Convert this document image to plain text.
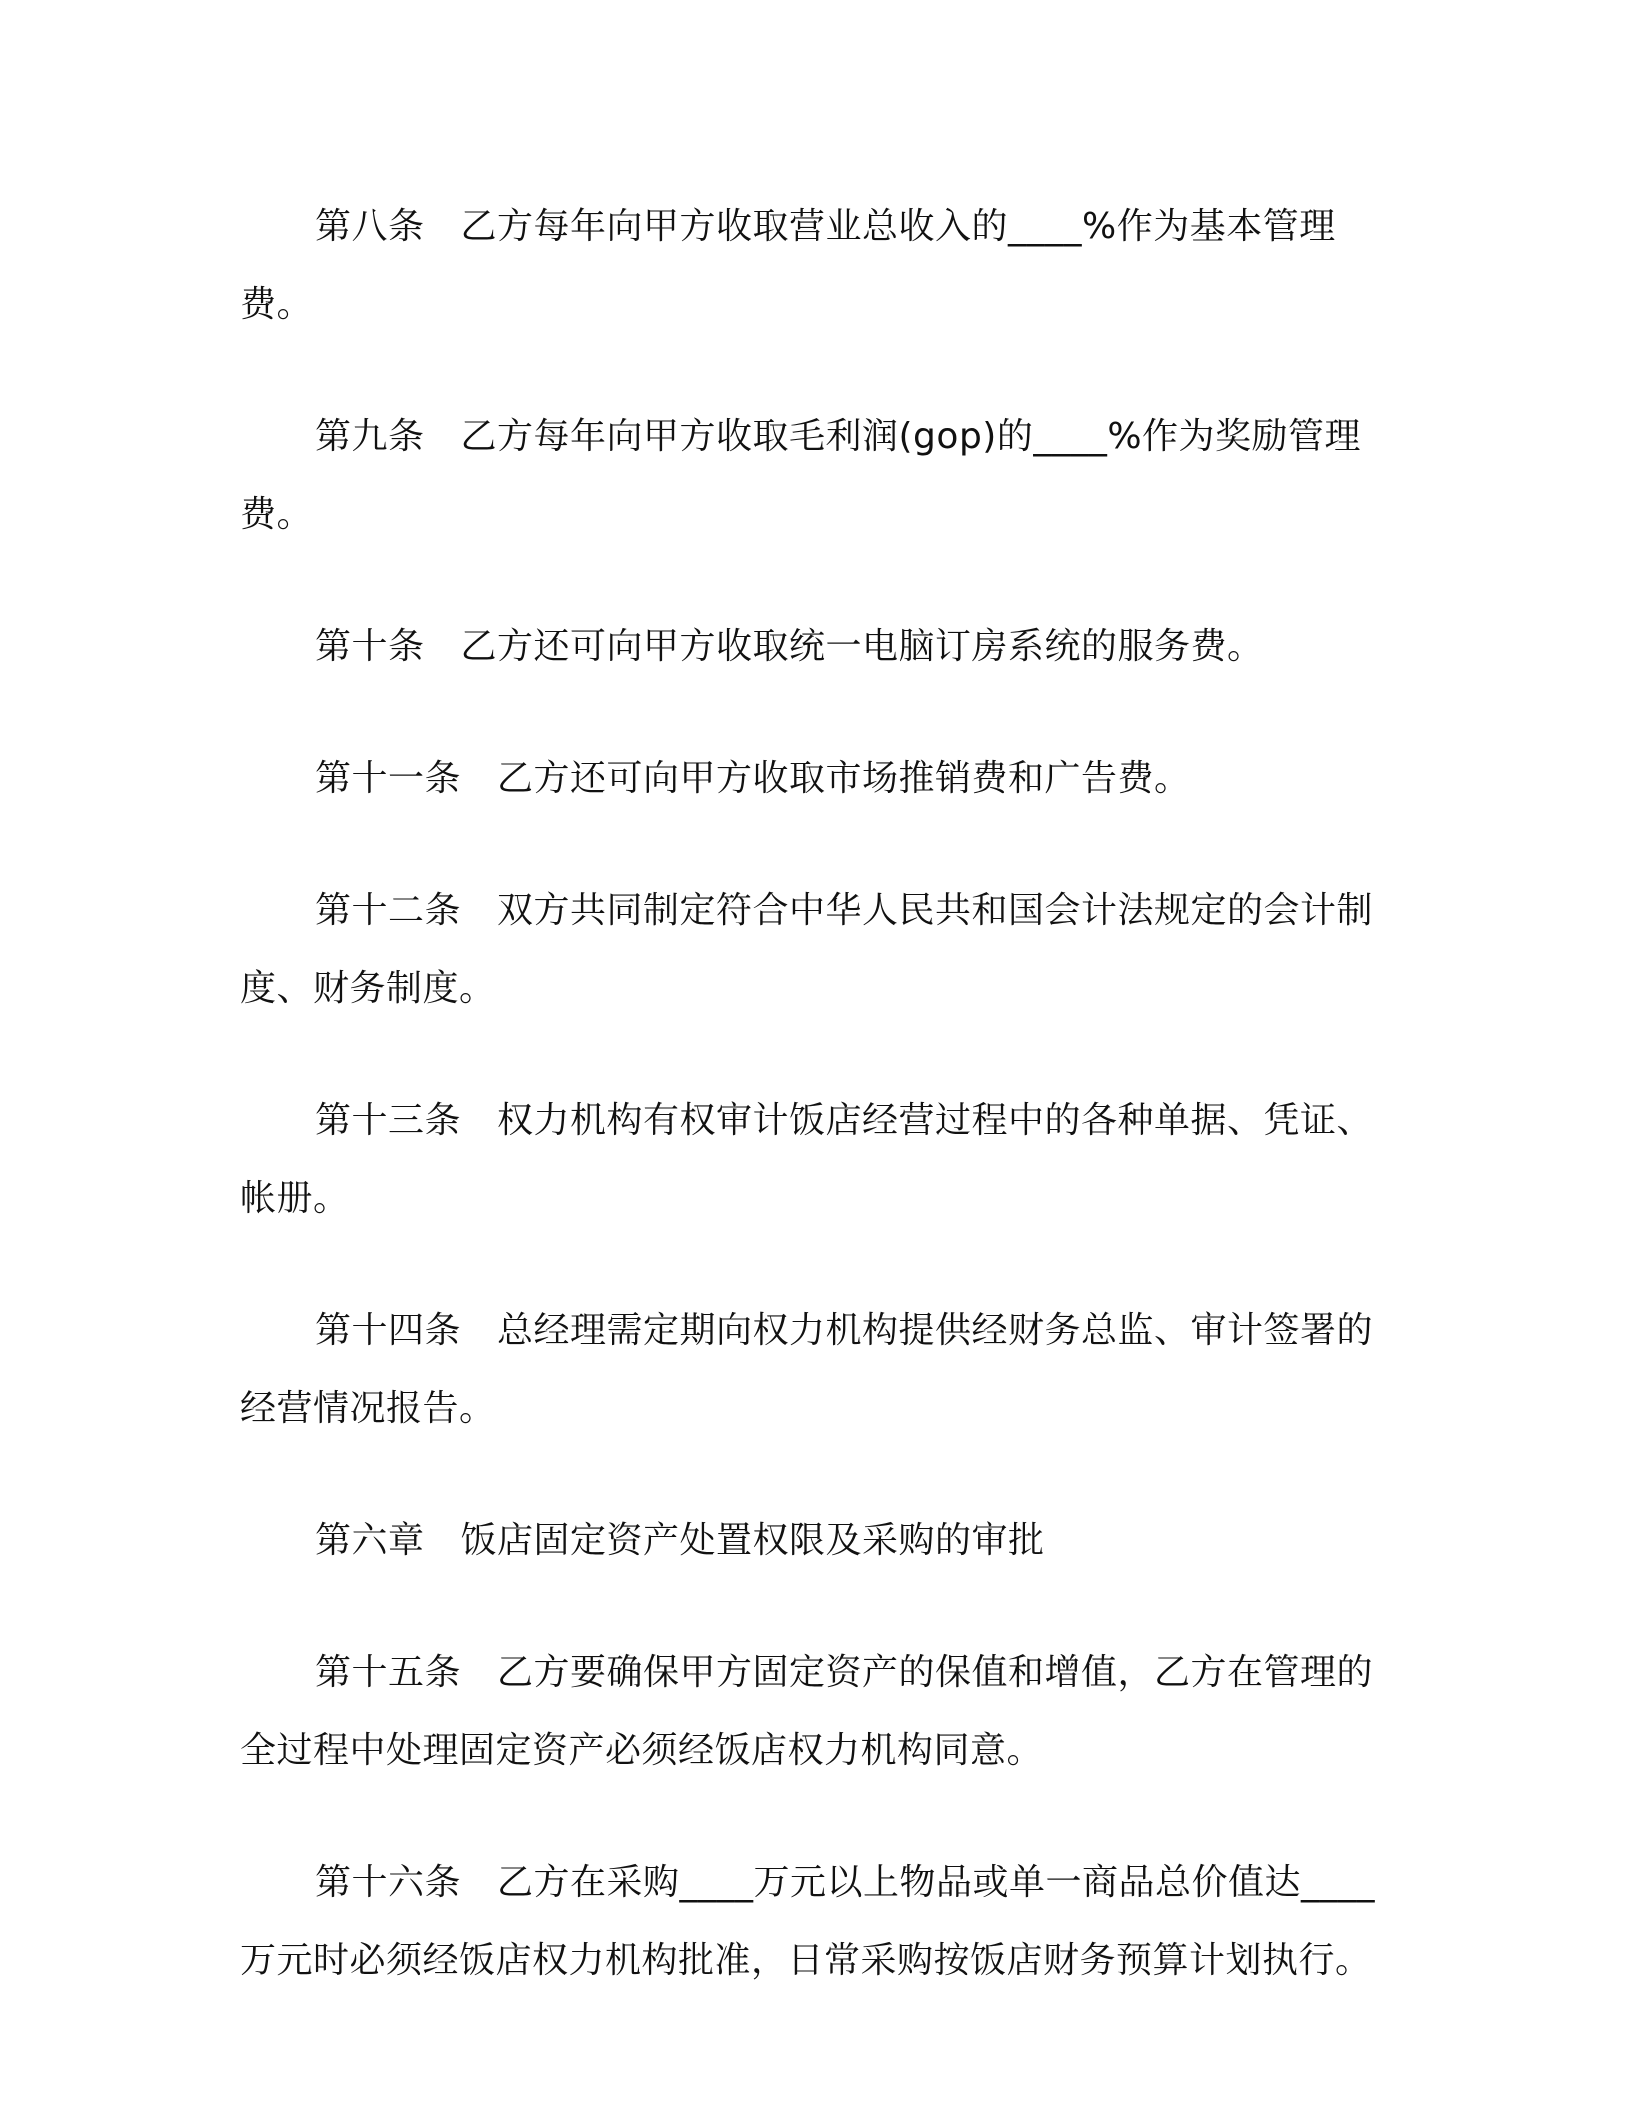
第八条 乙方每年向甲方收取营业总收入的____%作为基本管理费。

第九条 乙方每年向甲方收取毛利润(gop)的____%作为奖励管理费。

第十条 乙方还可向甲方收取统一电脑订房系统的服务费。

第十一条 乙方还可向甲方收取市场推销费和广告费。

第十二条 双方共同制定符合中华人民共和国会计法规定的会计制度、财务制度。

第十三条 权力机构有权审计饭店经营过程中的各种单据、凭证、帐册。

第十四条 总经理需定期向权力机构提供经财务总监、审计签署的经营情况报告。

第六章 饭店固定资产处置权限及采购的审批

第十五条 乙方要确保甲方固定资产的保值和增值，乙方在管理的全过程中处理固定资产必须经饭店权力机构同意。

第十六条 乙方在采购____万元以上物品或单一商品总价值达____万元时必须经饭店权力机构批准，日常采购按饭店财务预算计划执行。
